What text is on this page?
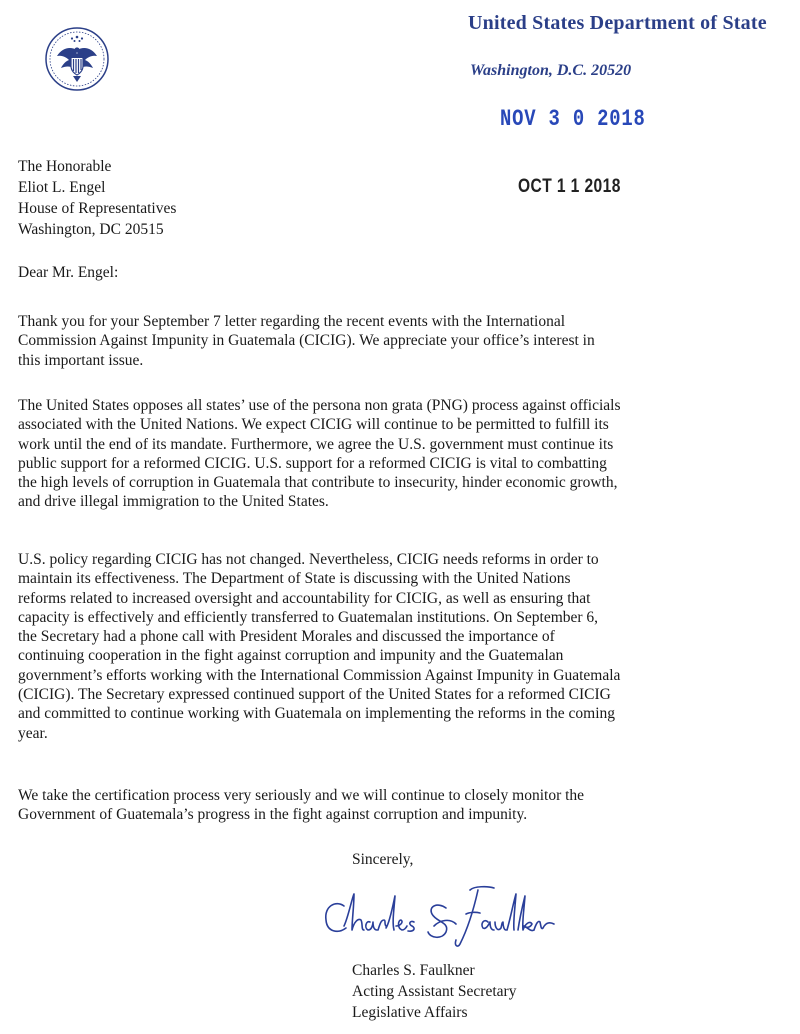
United States Department of State
Washington, D.C. 20520
NOV 3 0 2018
OCT 1 1 2018
The Honorable
Eliot L. Engel
House of Representatives
Washington, DC 20515
Dear Mr. Engel:
Thank you for your September 7 letter regarding the recent events with the International
Commission Against Impunity in Guatemala (CICIG). We appreciate your office’s interest in
this important issue.
The United States opposes all states’ use of the persona non grata (PNG) process against officials
associated with the United Nations. We expect CICIG will continue to be permitted to fulfill its
work until the end of its mandate. Furthermore, we agree the U.S. government must continue its
public support for a reformed CICIG. U.S. support for a reformed CICIG is vital to combatting
the high levels of corruption in Guatemala that contribute to insecurity, hinder economic growth,
and drive illegal immigration to the United States.
U.S. policy regarding CICIG has not changed. Nevertheless, CICIG needs reforms in order to
maintain its effectiveness. The Department of State is discussing with the United Nations
reforms related to increased oversight and accountability for CICIG, as well as ensuring that
capacity is effectively and efficiently transferred to Guatemalan institutions. On September 6,
the Secretary had a phone call with President Morales and discussed the importance of
continuing cooperation in the fight against corruption and impunity and the Guatemalan
government’s efforts working with the International Commission Against Impunity in Guatemala
(CICIG). The Secretary expressed continued support of the United States for a reformed CICIG
and committed to continue working with Guatemala on implementing the reforms in the coming
year.
We take the certification process very seriously and we will continue to closely monitor the
Government of Guatemala’s progress in the fight against corruption and impunity.
Sincerely,
Charles S. Faulkner
Acting Assistant Secretary
Legislative Affairs
